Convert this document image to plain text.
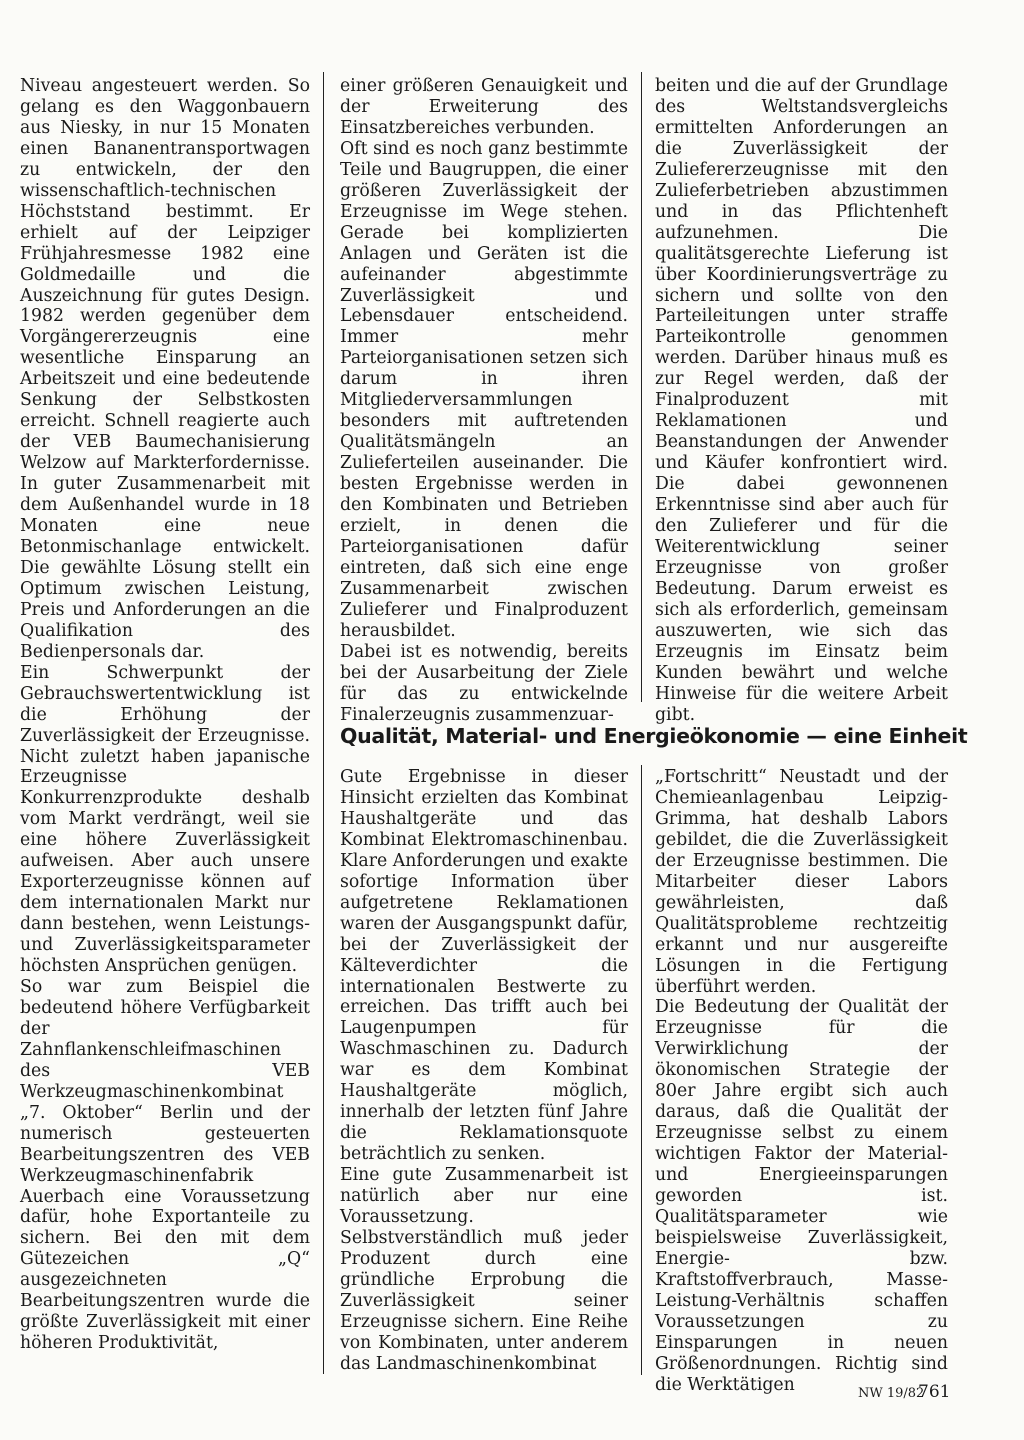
Niveau angesteuert werden. So gelang es den Waggonbauern aus Niesky, in nur 15 Monaten einen Bananentransportwagen zu entwickeln, der den wissenschaftlich-technischen Höchststand bestimmt. Er erhielt auf der Leipziger Frühjahresmesse 1982 eine Goldmedaille und die Auszeichnung für gutes Design. 1982 werden gegenüber dem Vorgängererzeugnis eine wesentliche Einsparung an Arbeitszeit und eine bedeutende Senkung der Selbstkosten erreicht. Schnell reagierte auch der VEB Baumechanisierung Welzow auf Markterfordernisse. In guter Zusammenarbeit mit dem Außenhandel wurde in 18 Monaten eine neue Betonmischanlage entwickelt. Die gewählte Lösung stellt ein Optimum zwischen Leistung, Preis und Anforderungen an die Qualifikation des Bedienpersonals dar.

Ein Schwerpunkt der Gebrauchswertentwicklung ist die Erhöhung der Zuverlässigkeit der Erzeugnisse. Nicht zuletzt haben japanische Erzeugnisse Konkurrenzprodukte deshalb vom Markt verdrängt, weil sie eine höhere Zuverlässigkeit aufweisen. Aber auch unsere Exporterzeugnisse können auf dem internationalen Markt nur dann bestehen, wenn Leistungs- und Zuverlässigkeitsparameter höchsten Ansprüchen genügen.

So war zum Beispiel die bedeutend höhere Verfügbarkeit der Zahnflankenschleifmaschinen des VEB Werkzeugmaschinenkombinat „7. Oktober“ Berlin und der numerisch gesteuerten Bearbeitungszentren des VEB Werkzeugmaschinenfabrik Auerbach eine Voraussetzung dafür, hohe Exportanteile zu sichern. Bei den mit dem Gütezeichen „Q“ ausgezeichneten Bearbeitungszentren wurde die größte Zuverlässigkeit mit einer höheren Produktivität,

einer größeren Genauigkeit und der Erweiterung des Einsatzbereiches verbunden.

Oft sind es noch ganz bestimmte Teile und Baugruppen, die einer größeren Zuverlässigkeit der Erzeugnisse im Wege stehen. Gerade bei komplizierten Anlagen und Geräten ist die aufeinander abgestimmte Zuverlässigkeit und Lebensdauer entscheidend. Immer mehr Parteiorganisationen setzen sich darum in ihren Mitgliederversammlungen besonders mit auftretenden Qualitätsmängeln an Zulieferteilen auseinander. Die besten Ergebnisse werden in den Kombinaten und Betrieben erzielt, in denen die Parteiorganisationen dafür eintreten, daß sich eine enge Zusammenarbeit zwischen Zulieferer und Finalproduzent herausbildet.

Dabei ist es notwendig, bereits bei der Ausarbeitung der Ziele für das zu entwickelnde Finalerzeugnis zusammenzuar-

beiten und die auf der Grundlage des Weltstandsvergleichs ermittelten Anforderungen an die Zuverlässigkeit der Zuliefererzeugnisse mit den Zulieferbetrieben abzustimmen und in das Pflichtenheft aufzunehmen. Die qualitätsgerechte Lieferung ist über Koordinierungsverträge zu sichern und sollte von den Parteileitungen unter straffe Parteikontrolle genommen werden. Darüber hinaus muß es zur Regel werden, daß der Finalproduzent mit Reklamationen und Beanstandungen der Anwender und Käufer konfrontiert wird. Die dabei gewonnenen Erkenntnisse sind aber auch für den Zulieferer und für die Weiterentwicklung seiner Erzeugnisse von großer Bedeutung. Darum erweist es sich als erforderlich, gemeinsam auszuwerten, wie sich das Erzeugnis im Einsatz beim Kunden bewährt und welche Hinweise für die weitere Arbeit gibt.

Qualität, Material- und Energieökonomie — eine Einheit

Gute Ergebnisse in dieser Hinsicht erzielten das Kombinat Haushaltgeräte und das Kombinat Elektromaschinenbau. Klare Anforderungen und exakte sofortige Information über aufgetretene Reklamationen waren der Ausgangspunkt dafür, bei der Zuverlässigkeit der Kälteverdichter die internationalen Bestwerte zu erreichen. Das trifft auch bei Laugenpumpen für Waschmaschinen zu. Dadurch war es dem Kombinat Haushaltgeräte möglich, innerhalb der letzten fünf Jahre die Reklamationsquote beträchtlich zu senken.

Eine gute Zusammenarbeit ist natürlich aber nur eine Voraussetzung. Selbstverständlich muß jeder Produzent durch eine gründliche Erprobung die Zuverlässigkeit seiner Erzeugnisse sichern. Eine Reihe von Kombinaten, unter anderem das Landmaschinenkombinat

„Fortschritt“ Neustadt und der Chemieanlagenbau Leipzig-Grimma, hat deshalb Labors gebildet, die die Zuverlässigkeit der Erzeugnisse bestimmen. Die Mitarbeiter dieser Labors gewährleisten, daß Qualitätsprobleme rechtzeitig erkannt und nur ausgereifte Lösungen in die Fertigung überführt werden.

Die Bedeutung der Qualität der Erzeugnisse für die Verwirklichung der ökonomischen Strategie der 80er Jahre ergibt sich auch daraus, daß die Qualität der Erzeugnisse selbst zu einem wichtigen Faktor der Material- und Energieeinsparungen geworden ist. Qualitätsparameter wie beispielsweise Zuverlässigkeit, Energie- bzw. Kraftstoffverbrauch, Masse-Leistung-Verhältnis schaffen Voraussetzungen zu Einsparungen in neuen Größenordnungen. Richtig sind die Werktätigen	NW 19/82
761
